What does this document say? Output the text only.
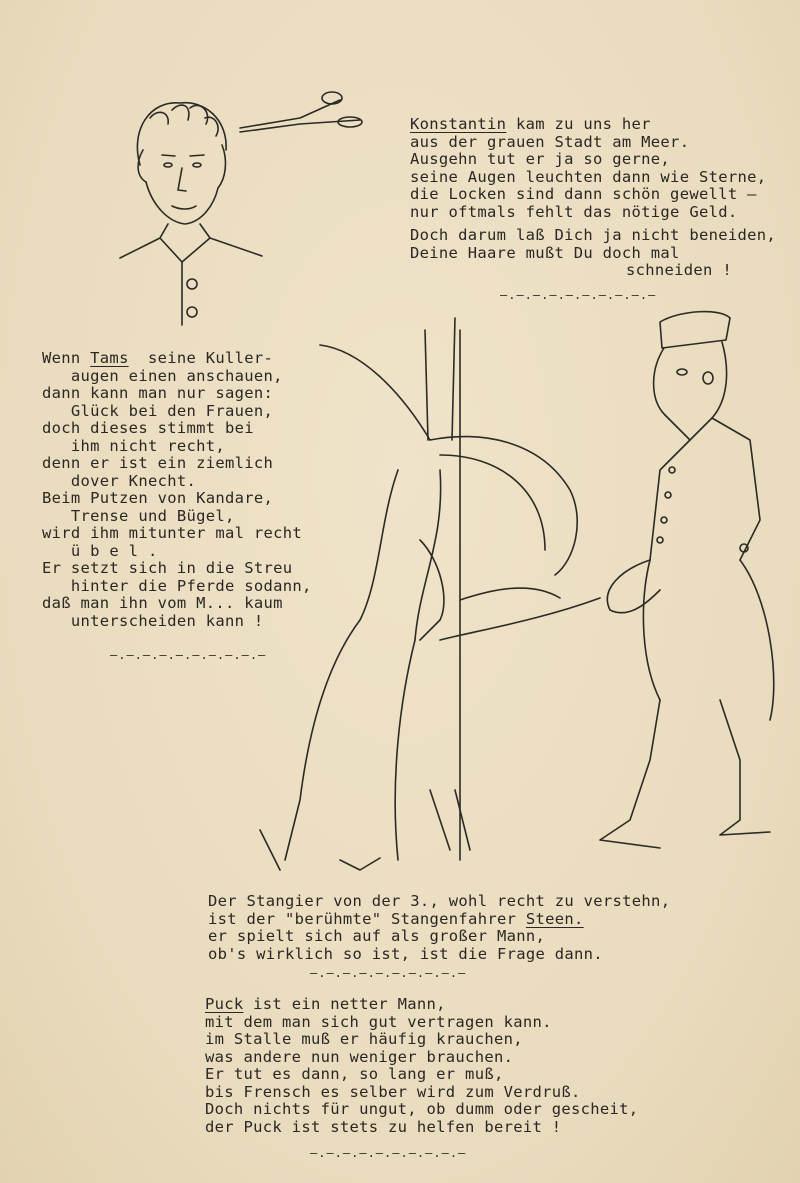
Konstantin kam zu uns her
aus der grauen Stadt am Meer.
Ausgehn tut er ja so gerne,
seine Augen leuchten dann wie Sterne,
die Locken sind dann schön gewellt –
nur oftmals fehlt das nötige Geld.
Doch darum laß Dich ja nicht beneiden,
Deine Haare mußt Du doch mal
schneiden !
–.–.–.–.–.–.–.–.–.–
Wenn Tams  seine Kuller-
augen einen anschauen,
dann kann man nur sagen:
Glück bei den Frauen,
doch dieses stimmt bei
ihm nicht recht,
denn er ist ein ziemlich
dover Knecht.
Beim Putzen von Kandare,
Trense und Bügel,
wird ihm mitunter mal recht
ü b e l .
Er setzt sich in die Streu
hinter die Pferde sodann,
daß man ihn vom M... kaum
unterscheiden kann !
–.–.–.–.–.–.–.–.–.–
Der Stangier von der 3., wohl recht zu verstehn,
ist der "berühmte" Stangenfahrer Steen.
er spielt sich auf als großer Mann,
ob's wirklich so ist, ist die Frage dann.
–.–.–.–.–.–.–.–.–.–
Puck ist ein netter Mann,
mit dem man sich gut vertragen kann.
im Stalle muß er häufig krauchen,
was andere nun weniger brauchen.
Er tut es dann, so lang er muß,
bis Frensch es selber wird zum Verdruß.
Doch nichts für ungut, ob dumm oder gescheit,
der Puck ist stets zu helfen bereit !
–.–.–.–.–.–.–.–.–.–
